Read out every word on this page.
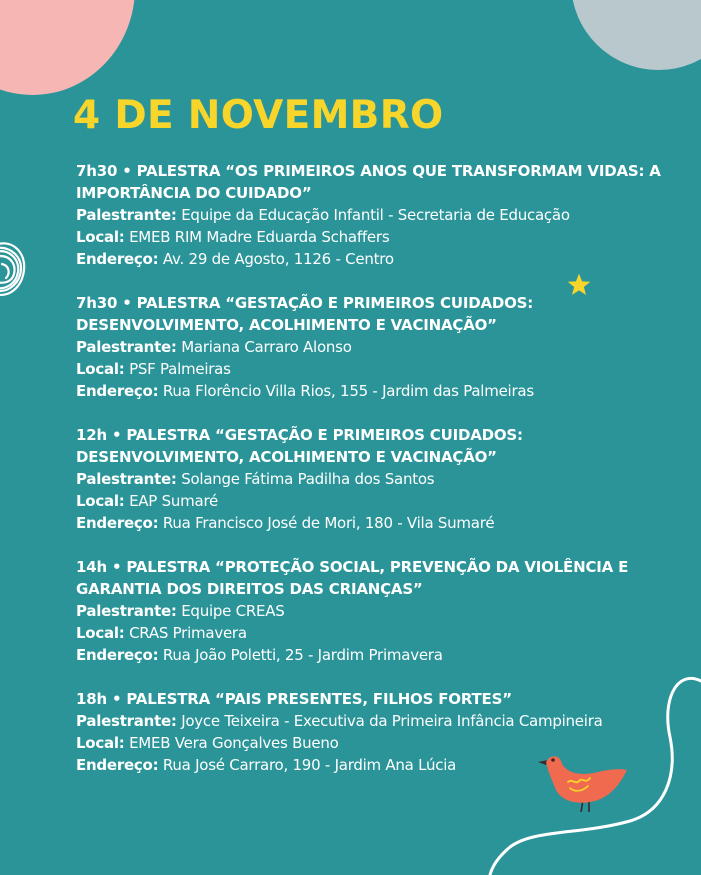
4 DE NOVEMBRO

7h30 • PALESTRA “OS PRIMEIROS ANOS QUE TRANSFORMAM VIDAS: A IMPORTÂNCIA DO CUIDADO”

Palestrante: Equipe da Educação Infantil - Secretaria de Educação
Local: EMEB RIM Madre Eduarda Schaffers
Endereço: Av. 29 de Agosto, 1126 - Centro

7h30 • PALESTRA “GESTAÇÃO E PRIMEIROS CUIDADOS: DESENVOLVIMENTO, ACOLHIMENTO E VACINAÇÃO”

Palestrante: Mariana Carraro Alonso
Local: PSF Palmeiras
Endereço: Rua Florêncio Villa Rios, 155 - Jardim das Palmeiras

12h • PALESTRA “GESTAÇÃO E PRIMEIROS CUIDADOS: DESENVOLVIMENTO, ACOLHIMENTO E VACINAÇÃO”

Palestrante: Solange Fátima Padilha dos Santos
Local: EAP Sumaré
Endereço: Rua Francisco José de Mori, 180 - Vila Sumaré

14h • PALESTRA “PROTEÇÃO SOCIAL, PREVENÇÃO DA VIOLÊNCIA E GARANTIA DOS DIREITOS DAS CRIANÇAS”

Palestrante: Equipe CREAS
Local: CRAS Primavera
Endereço: Rua João Poletti, 25 - Jardim Primavera

18h • PALESTRA “PAIS PRESENTES, FILHOS FORTES”

Palestrante: Joyce Teixeira - Executiva da Primeira Infância Campineira
Local: EMEB Vera Gonçalves Bueno
Endereço: Rua José Carraro, 190 - Jardim Ana Lúcia
